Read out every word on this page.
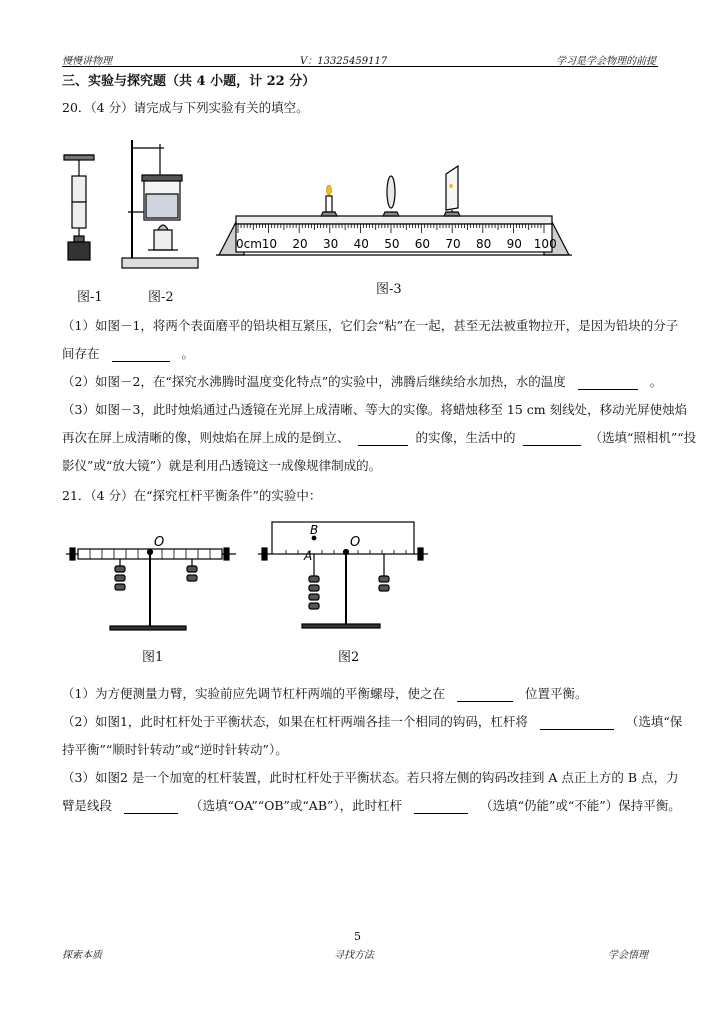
慢慢讲物理	V：13325459117	学习是学会物理的前提
三、实验与探究题（共 4 小题，计 22 分）
20．（4 分）请完成与下列实验有关的填空。
图-1	图-2
0cm 10 20 30 40 50 60 70 80 90 100
图-3
（1）如图－1，将两个表面磨平的铅块相互紧压，它们会“粘”在一起，甚至无法被重物拉开，是因为铅块的分子
间存在	。
（2）如图－2，在“探究水沸腾时温度变化特点”的实验中，沸腾后继续给水加热，水的温度	。
（3）如图－3，此时烛焰通过凸透镜在光屏上成清晰、等大的实像。将蜡烛移至 15 cm 刻线处，移动光屏使烛焰
再次在屏上成清晰的像，则烛焰在屏上成的是倒立、	的实像，生活中的	（选填“照相机”“投
影仪”或“放大镜”）就是利用凸透镜这一成像规律制成的。
21．（4 分）在“探究杠杆平衡条件”的实验中：
O
图1
B
A
O
图2
（1）为方便测量力臂，实验前应先调节杠杆两端的平衡螺母，使之在	位置平衡。
（2）如图1，此时杠杆处于平衡状态，如果在杠杆两端各挂一个相同的钩码，杠杆将	（选填“保
持平衡”“顺时针转动”或“逆时针转动”）。
（3）如图2 是一个加宽的杠杆装置，此时杠杆处于平衡状态。若只将左侧的钩码改挂到 A 点正上方的 B 点，力
臂是线段	（选填“OA”“OB”或“AB”），此时杠杆	（选填“仍能”或“不能”）保持平衡。
5
探索本质	寻找方法	学会悟理
